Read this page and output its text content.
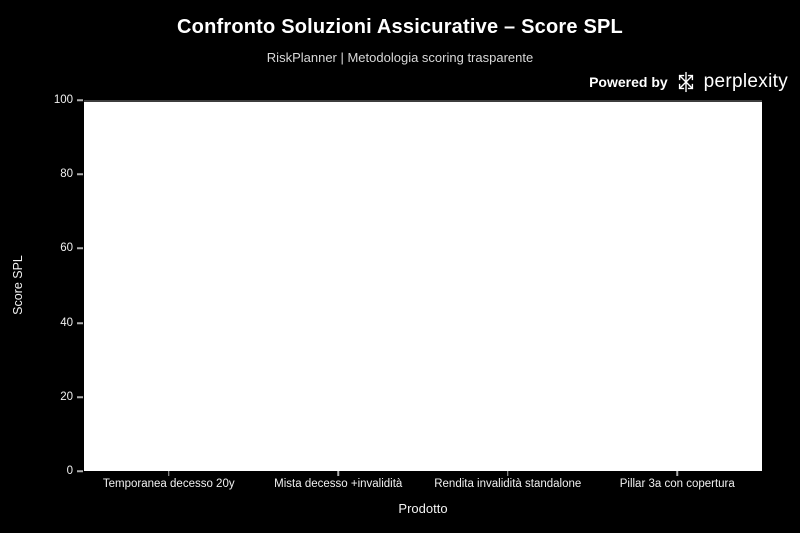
Confronto Soluzioni Assicurative – Score SPL
RiskPlanner | Metodologia scoring trasparente
Powered by perplexity
Score SPL
100
80
60
40
20
0
Temporanea decesso 20y	Mista decesso +invalidità	Rendita invalidità standalone	Pillar 3a con copertura
Prodotto
